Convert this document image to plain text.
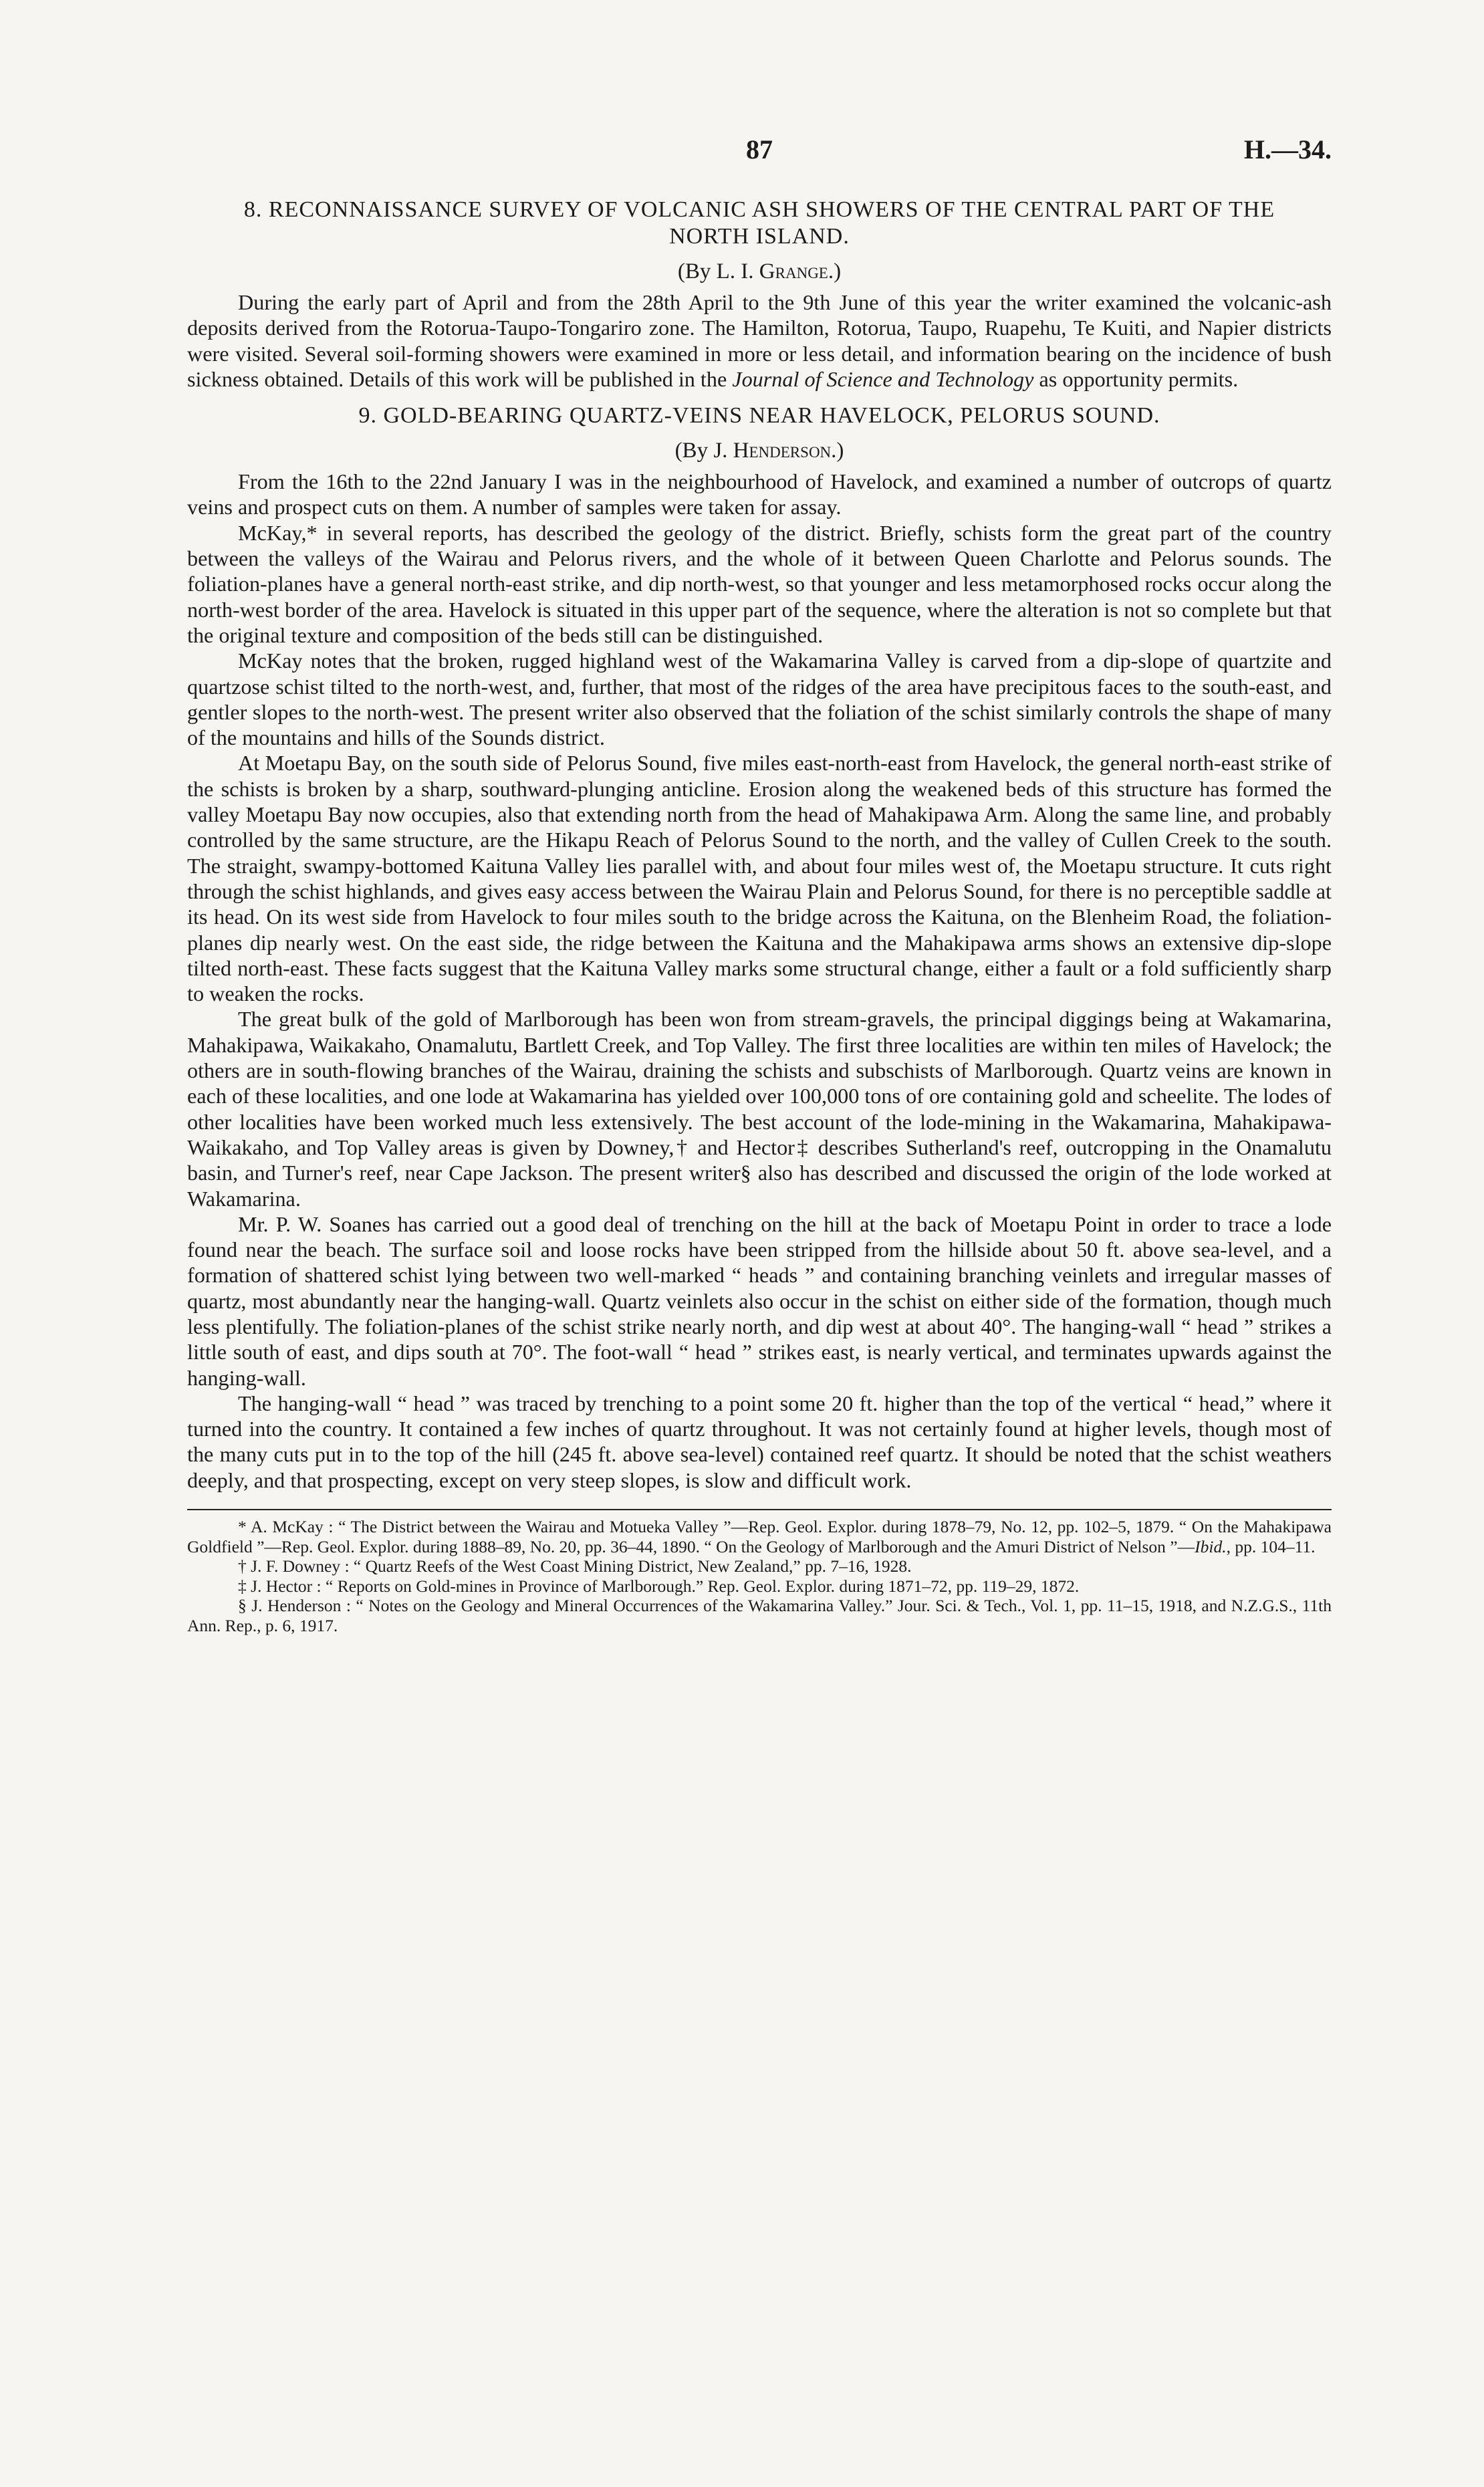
87	H.—34.
8. RECONNAISSANCE SURVEY OF VOLCANIC ASH SHOWERS OF THE CENTRAL PART OF THE NORTH ISLAND.
(By L. I. Grange.)

During the early part of April and from the 28th April to the 9th June of this year the writer examined the volcanic-ash deposits derived from the Rotorua-Taupo-Tongariro zone. The Hamilton, Rotorua, Taupo, Ruapehu, Te Kuiti, and Napier districts were visited. Several soil-forming showers were examined in more or less detail, and information bearing on the incidence of bush sickness obtained. Details of this work will be published in the Journal of Science and Technology as opportunity permits.

9. GOLD-BEARING QUARTZ-VEINS NEAR HAVELOCK, PELORUS SOUND.
(By J. Henderson.)

From the 16th to the 22nd January I was in the neighbourhood of Havelock, and examined a number of outcrops of quartz veins and prospect cuts on them. A number of samples were taken for assay.

McKay,* in several reports, has described the geology of the district. Briefly, schists form the great part of the country between the valleys of the Wairau and Pelorus rivers, and the whole of it between Queen Charlotte and Pelorus sounds. The foliation-planes have a general north-east strike, and dip north-west, so that younger and less metamorphosed rocks occur along the north-west border of the area. Havelock is situated in this upper part of the sequence, where the alteration is not so complete but that the original texture and composition of the beds still can be distinguished.

McKay notes that the broken, rugged highland west of the Wakamarina Valley is carved from a dip-slope of quartzite and quartzose schist tilted to the north-west, and, further, that most of the ridges of the area have precipitous faces to the south-east, and gentler slopes to the north-west. The present writer also observed that the foliation of the schist similarly controls the shape of many of the mountains and hills of the Sounds district.

At Moetapu Bay, on the south side of Pelorus Sound, five miles east-north-east from Havelock, the general north-east strike of the schists is broken by a sharp, southward-plunging anticline. Erosion along the weakened beds of this structure has formed the valley Moetapu Bay now occupies, also that extending north from the head of Mahakipawa Arm. Along the same line, and probably controlled by the same structure, are the Hikapu Reach of Pelorus Sound to the north, and the valley of Cullen Creek to the south. The straight, swampy-bottomed Kaituna Valley lies parallel with, and about four miles west of, the Moetapu structure. It cuts right through the schist highlands, and gives easy access between the Wairau Plain and Pelorus Sound, for there is no perceptible saddle at its head. On its west side from Havelock to four miles south to the bridge across the Kaituna, on the Blenheim Road, the foliation-planes dip nearly west. On the east side, the ridge between the Kaituna and the Mahakipawa arms shows an extensive dip-slope tilted north-east. These facts suggest that the Kaituna Valley marks some structural change, either a fault or a fold sufficiently sharp to weaken the rocks.

The great bulk of the gold of Marlborough has been won from stream-gravels, the principal diggings being at Wakamarina, Mahakipawa, Waikakaho, Onamalutu, Bartlett Creek, and Top Valley. The first three localities are within ten miles of Havelock; the others are in south-flowing branches of the Wairau, draining the schists and subschists of Marlborough. Quartz veins are known in each of these localities, and one lode at Wakamarina has yielded over 100,000 tons of ore containing gold and scheelite. The lodes of other localities have been worked much less extensively. The best account of the lode-mining in the Wakamarina, Mahakipawa-Waikakaho, and Top Valley areas is given by Downey,† and Hector‡ describes Sutherland's reef, outcropping in the Onamalutu basin, and Turner's reef, near Cape Jackson. The present writer§ also has described and discussed the origin of the lode worked at Wakamarina.

Mr. P. W. Soanes has carried out a good deal of trenching on the hill at the back of Moetapu Point in order to trace a lode found near the beach. The surface soil and loose rocks have been stripped from the hillside about 50 ft. above sea-level, and a formation of shattered schist lying between two well-marked “ heads ” and containing branching veinlets and irregular masses of quartz, most abundantly near the hanging-wall. Quartz veinlets also occur in the schist on either side of the formation, though much less plentifully. The foliation-planes of the schist strike nearly north, and dip west at about 40°. The hanging-wall “ head ” strikes a little south of east, and dips south at 70°. The foot-wall “ head ” strikes east, is nearly vertical, and terminates upwards against the hanging-wall.

The hanging-wall “ head ” was traced by trenching to a point some 20 ft. higher than the top of the vertical “ head,” where it turned into the country. It contained a few inches of quartz throughout. It was not certainly found at higher levels, though most of the many cuts put in to the top of the hill (245 ft. above sea-level) contained reef quartz. It should be noted that the schist weathers deeply, and that prospecting, except on very steep slopes, is slow and difficult work.

* A. McKay : “ The District between the Wairau and Motueka Valley ”—Rep. Geol. Explor. during 1878–79, No. 12, pp. 102–5, 1879. “ On the Mahakipawa Goldfield ”—Rep. Geol. Explor. during 1888–89, No. 20, pp. 36–44, 1890. “ On the Geology of Marlborough and the Amuri District of Nelson ”—Ibid., pp. 104–11.

† J. F. Downey : “ Quartz Reefs of the West Coast Mining District, New Zealand,” pp. 7–16, 1928.

‡ J. Hector : “ Reports on Gold-mines in Province of Marlborough.” Rep. Geol. Explor. during 1871–72, pp. 119–29, 1872.

§ J. Henderson : “ Notes on the Geology and Mineral Occurrences of the Wakamarina Valley.” Jour. Sci. & Tech., Vol. 1, pp. 11–15, 1918, and N.Z.G.S., 11th Ann. Rep., p. 6, 1917.
